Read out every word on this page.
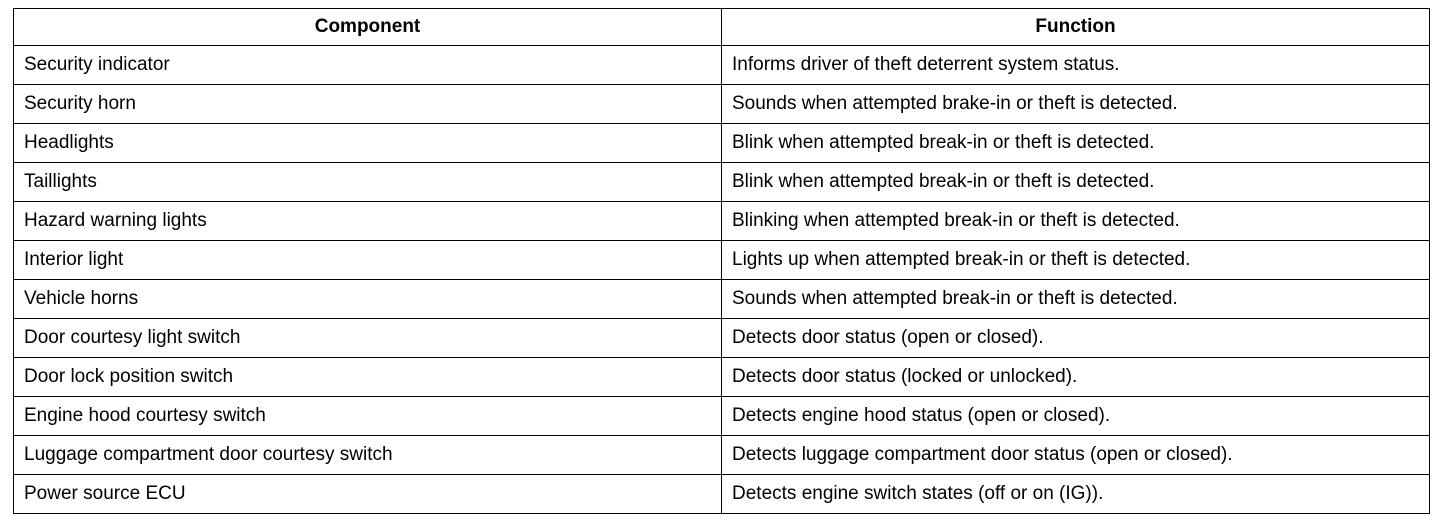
Component	Function
Security indicator	Informs driver of theft deterrent system status.
Security horn	Sounds when attempted brake-in or theft is detected.
Headlights	Blink when attempted break-in or theft is detected.
Taillights	Blink when attempted break-in or theft is detected.
Hazard warning lights	Blinking when attempted break-in or theft is detected.
Interior light	Lights up when attempted break-in or theft is detected.
Vehicle horns	Sounds when attempted break-in or theft is detected.
Door courtesy light switch	Detects door status (open or closed).
Door lock position switch	Detects door status (locked or unlocked).
Engine hood courtesy switch	Detects engine hood status (open or closed).
Luggage compartment door courtesy switch	Detects luggage compartment door status (open or closed).
Power source ECU	Detects engine switch states (off or on (IG)).
